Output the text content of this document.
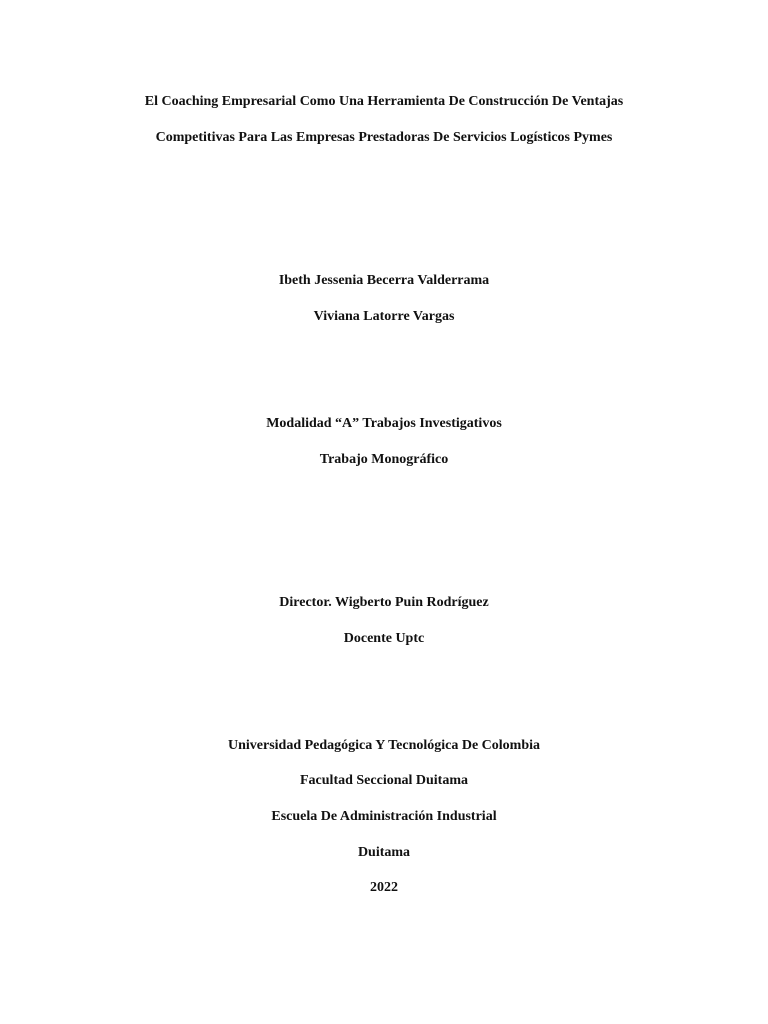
El Coaching Empresarial Como Una Herramienta De Construcción De Ventajas
Competitivas Para Las Empresas Prestadoras De Servicios Logísticos Pymes
Ibeth Jessenia Becerra Valderrama
Viviana Latorre Vargas
Modalidad “A” Trabajos Investigativos
Trabajo Monográfico
Director. Wigberto Puin Rodríguez
Docente Uptc
Universidad Pedagógica Y Tecnológica De Colombia
Facultad Seccional Duitama
Escuela De Administración Industrial
Duitama
2022
